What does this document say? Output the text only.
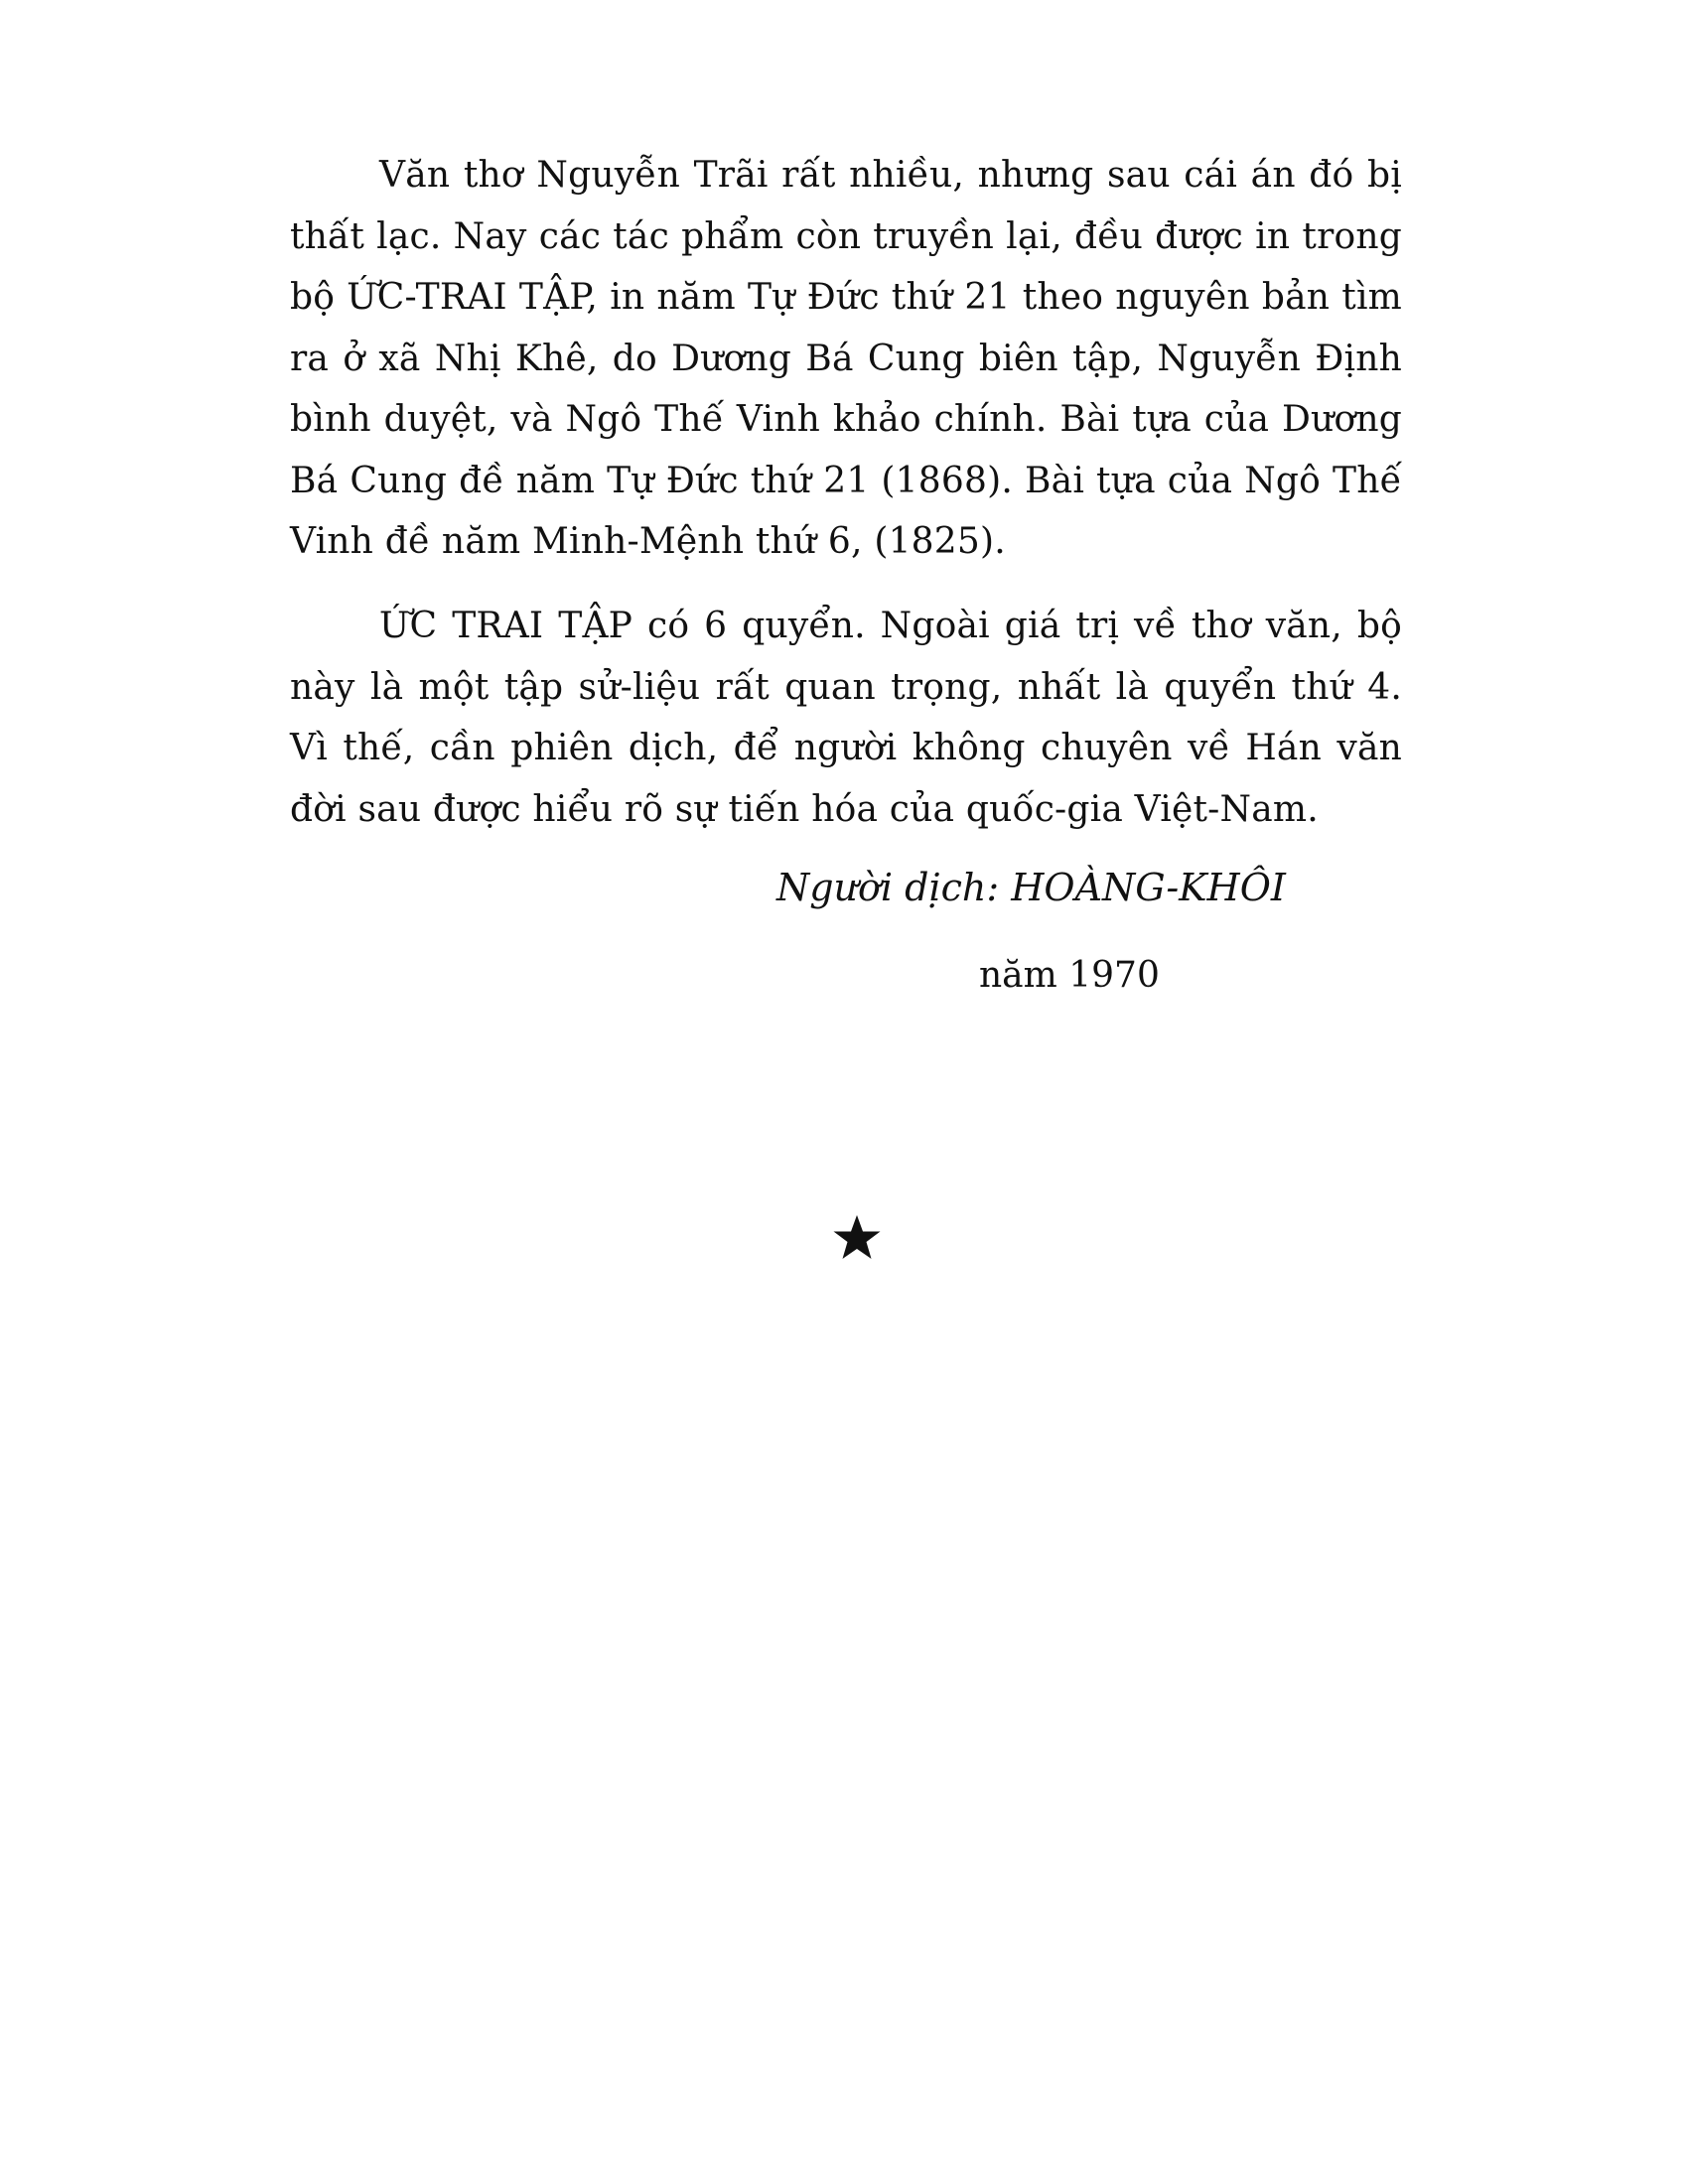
Văn thơ Nguyễn Trãi rất nhiều, nhưng sau cái án đó bị thất lạc. Nay các tác phẩm còn truyền lại, đều được in trong bộ ỨC-TRAI TẬP, in năm Tự Đức thứ 21 theo nguyên bản tìm ra ở xã Nhị Khê, do Dương Bá Cung biên tập, Nguyễn Định bình duyệt, và Ngô Thế Vinh khảo chính. Bài tựa của Dương Bá Cung đề năm Tự Đức thứ 21 (1868). Bài tựa của Ngô Thế Vinh đề năm Minh-Mệnh thứ 6, (1825).

ỨC TRAI TẬP có 6 quyển. Ngoài giá trị về thơ văn, bộ này là một tập sử-liệu rất quan trọng, nhất là quyển thứ 4. Vì thế, cần phiên dịch, để người không chuyên về Hán văn đời sau được hiểu rõ sự tiến hóa của quốc-gia Việt-Nam.

Người dịch: HOÀNG-KHÔI
năm 1970
